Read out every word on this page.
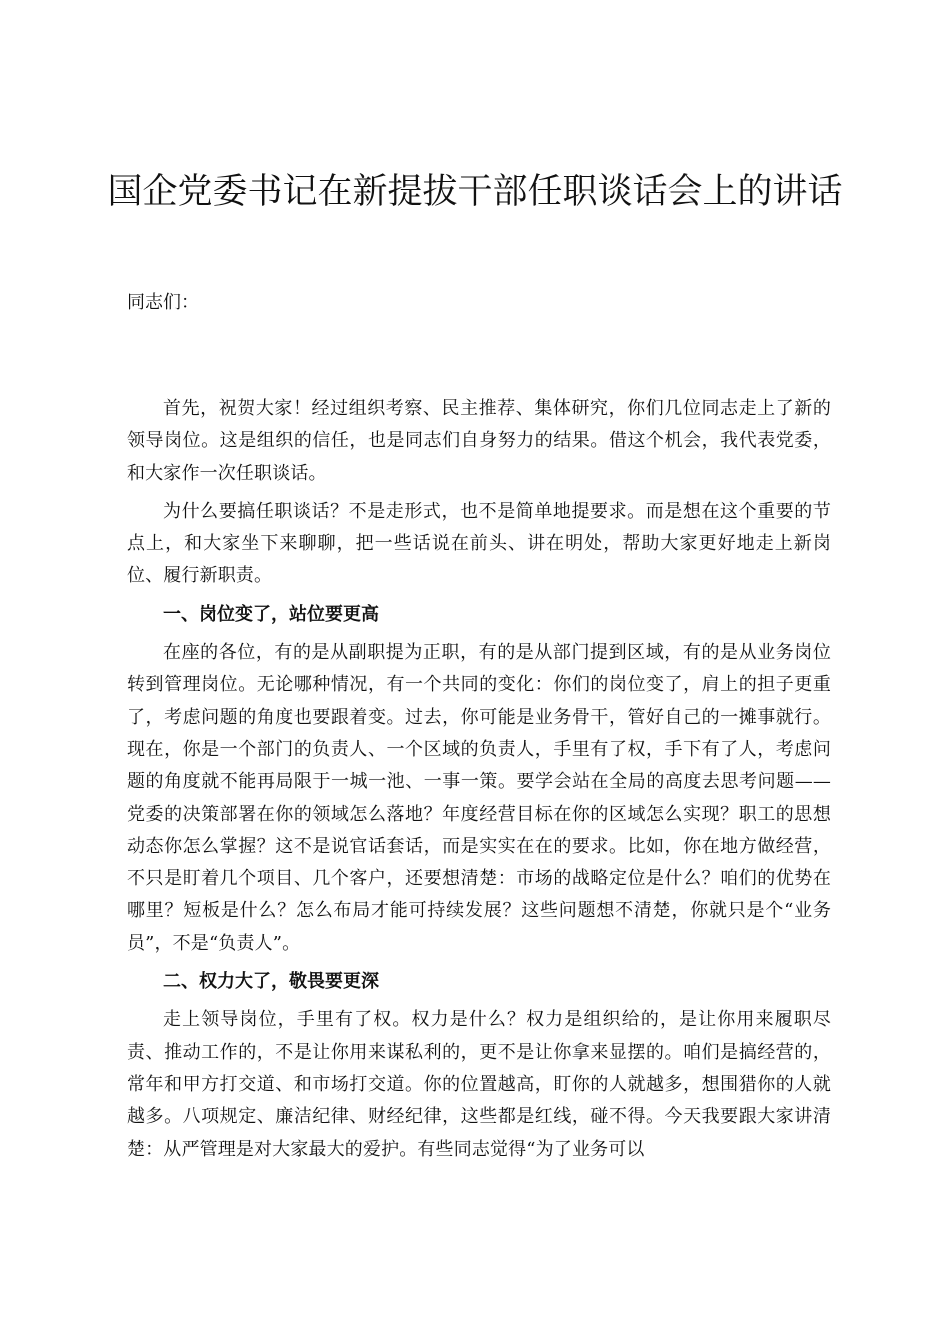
国企党委书记在新提拔干部任职谈话会上的讲话

同志们：

首先，祝贺大家！经过组织考察、民主推荐、集体研究，你们几位同志走上了新的领导岗位。这是组织的信任，也是同志们自身努力的结果。借这个机会，我代表党委，和大家作一次任职谈话。

为什么要搞任职谈话？不是走形式，也不是简单地提要求。而是想在这个重要的节点上，和大家坐下来聊聊，把一些话说在前头、讲在明处，帮助大家更好地走上新岗位、履行新职责。

一、岗位变了，站位要更高

在座的各位，有的是从副职提为正职，有的是从部门提到区域，有的是从业务岗位转到管理岗位。无论哪种情况，有一个共同的变化：你们的岗位变了，肩上的担子更重了，考虑问题的角度也要跟着变。过去，你可能是业务骨干，管好自己的一摊事就行。现在，你是一个部门的负责人、一个区域的负责人，手里有了权，手下有了人，考虑问题的角度就不能再局限于一城一池、一事一策。要学会站在全局的高度去思考问题——党委的决策部署在你的领域怎么落地？年度经营目标在你的区域怎么实现？职工的思想动态你怎么掌握？这不是说官话套话，而是实实在在的要求。比如，你在地方做经营，不只是盯着几个项目、几个客户，还要想清楚：市场的战略定位是什么？咱们的优势在哪里？短板是什么？怎么布局才能可持续发展？这些问题想不清楚，你就只是个“业务员”，不是“负责人”。

二、权力大了，敬畏要更深

走上领导岗位，手里有了权。权力是什么？权力是组织给的，是让你用来履职尽责、推动工作的，不是让你用来谋私利的，更不是让你拿来显摆的。咱们是搞经营的，常年和甲方打交道、和市场打交道。你的位置越高，盯你的人就越多，想围猎你的人就越多。八项规定、廉洁纪律、财经纪律，这些都是红线，碰不得。今天我要跟大家讲清楚：从严管理是对大家最大的爱护。有些同志觉得“为了业务可以
